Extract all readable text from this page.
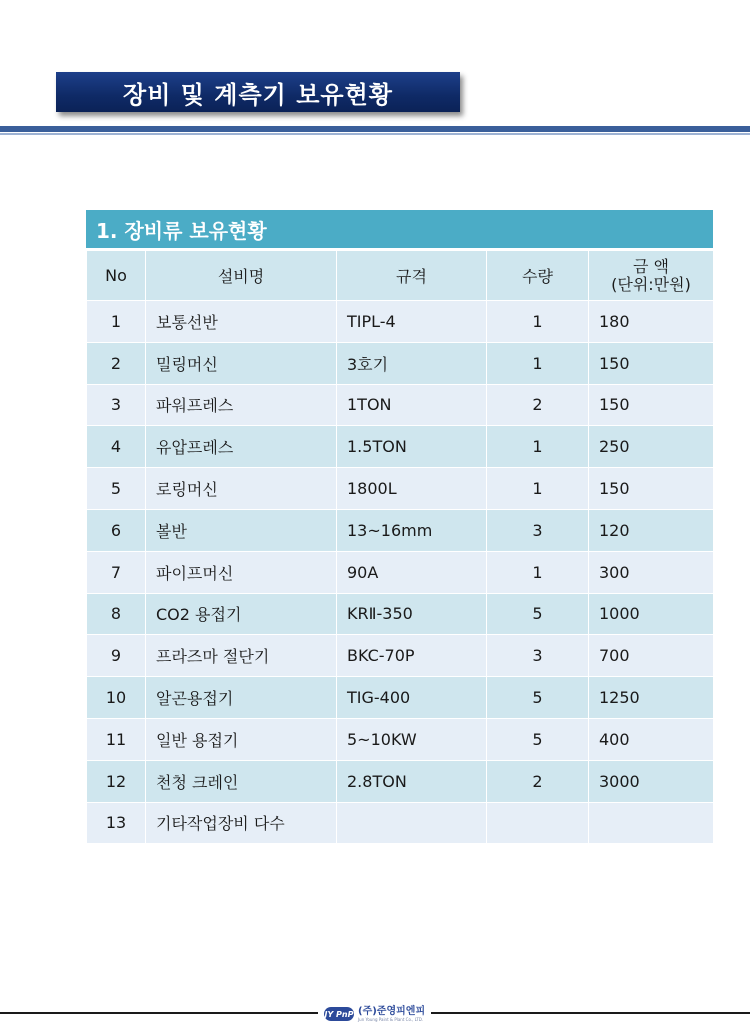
장비 및 계측기 보유현황
1. 장비류 보유현황
No	설비명	규격	수량	금 액
(단위:만원)

1	보통선반	TIPL-4	1	180
2	밀링머신	3호기	1	150
3	파워프레스	1TON	2	150
4	유압프레스	1.5TON	1	250
5	로링머신	1800L	1	150
6	볼반	13~16mm	3	120
7	파이프머신	90A	1	300
8	CO2 용접기	KRⅡ-350	5	1000
9	프라즈마 절단기	BKC-70P	3	700
10	알곤용접기	TIG-400	5	1250
11	일반 용접기	5~10KW	5	400
12	천청 크레인	2.8TON	2	3000
13	기타작업장비 다수			
JY PnP (주)준영피엔피
Jun Young Paint & Plant Co., LTD.
